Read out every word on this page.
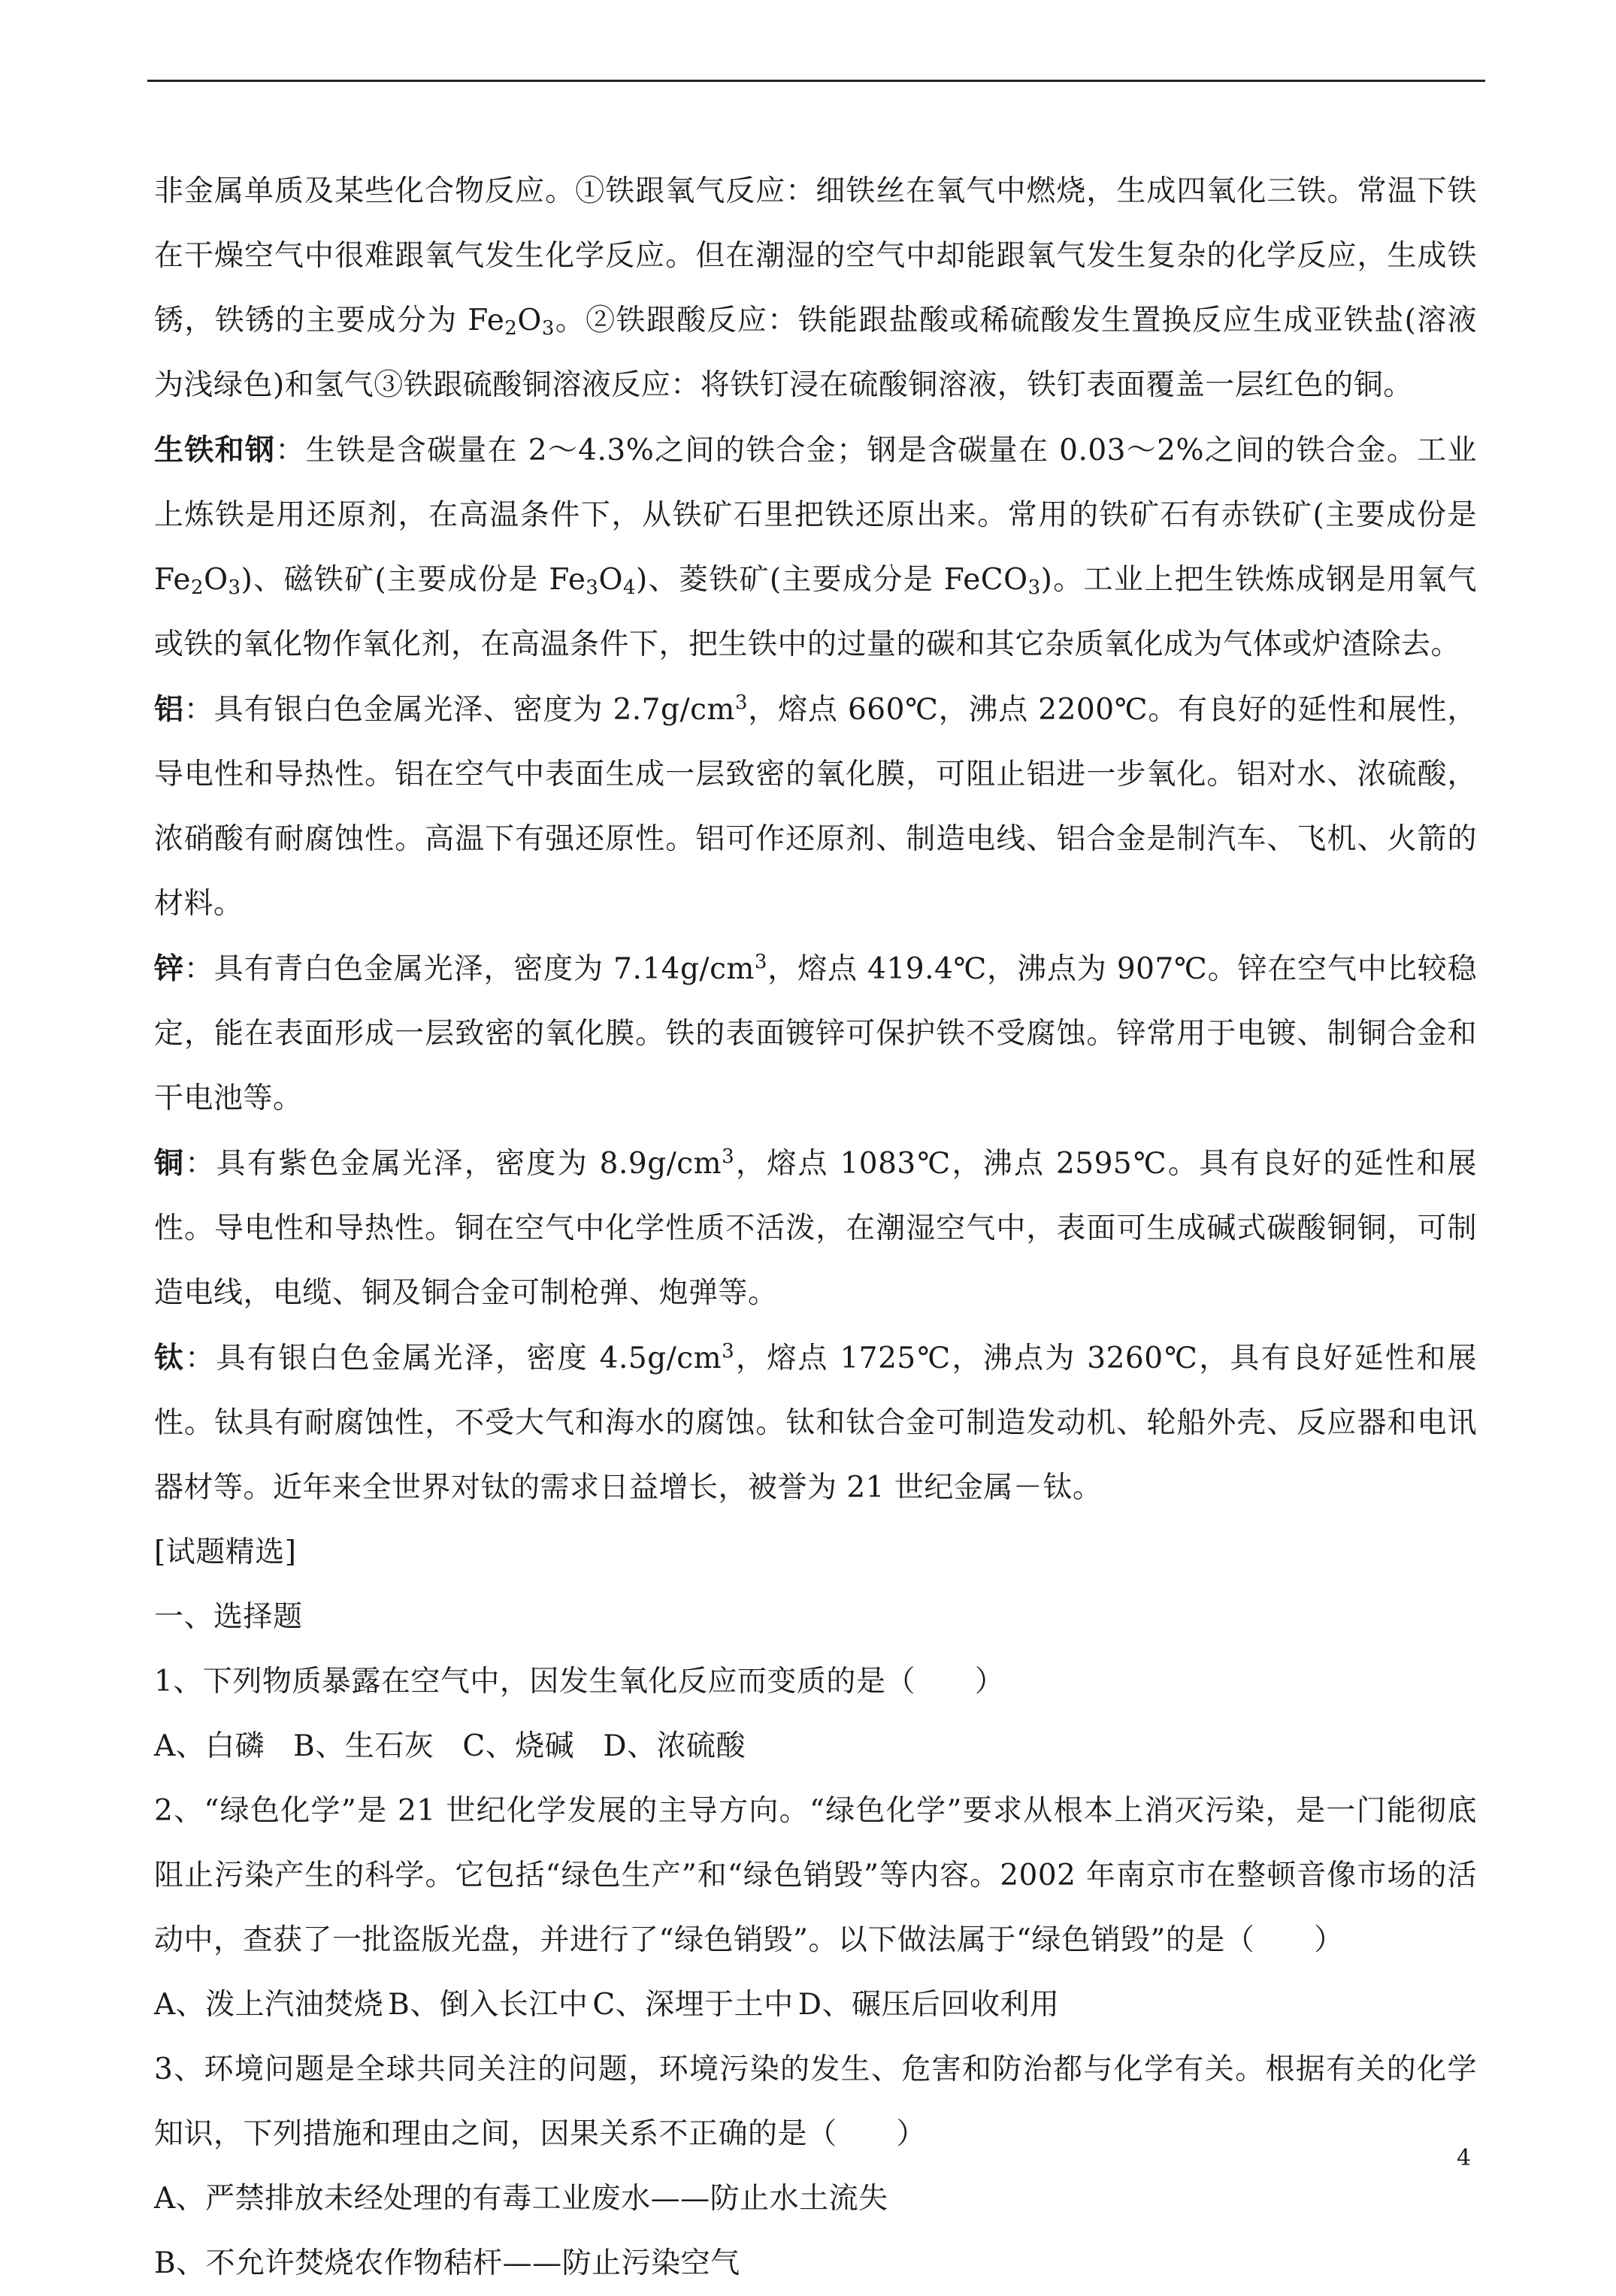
非金属单质及某些化合物反应。①铁跟氧气反应：细铁丝在氧气中燃烧，生成四氧化三铁。常温下铁在干燥空气中很难跟氧气发生化学反应。但在潮湿的空气中却能跟氧气发生复杂的化学反应，生成铁锈，铁锈的主要成分为 $Fe_2O_3$。②铁跟酸反应：铁能跟盐酸或稀硫酸发生置换反应生成亚铁盐(溶液为浅绿色)和氢气③铁跟硫酸铜溶液反应：将铁钉浸在硫酸铜溶液，铁钉表面覆盖一层红色的铜。

生铁和钢：生铁是含碳量在 2～4.3%之间的铁合金；钢是含碳量在 0.03～2%之间的铁合金。工业上炼铁是用还原剂，在高温条件下，从铁矿石里把铁还原出来。常用的铁矿石有赤铁矿(主要成份是 $Fe_2O_3$)、磁铁矿(主要成份是 $Fe_3O_4$)、菱铁矿(主要成分是 FeCO$_3$)。工业上把生铁炼成钢是用氧气或铁的氧化物作氧化剂，在高温条件下，把生铁中的过量的碳和其它杂质氧化成为气体或炉渣除去。

铝：具有银白色金属光泽、密度为 $2.7g/cm^3$，熔点 660℃，沸点 2200℃。有良好的延性和展性，导电性和导热性。铝在空气中表面生成一层致密的氧化膜，可阻止铝进一步氧化。铝对水、浓硫酸，浓硝酸有耐腐蚀性。高温下有强还原性。铝可作还原剂、制造电线、铝合金是制汽车、飞机、火箭的材料。

锌：具有青白色金属光泽，密度为 $7.14g/cm^3$，熔点 419.4℃，沸点为 907℃。锌在空气中比较稳定，能在表面形成一层致密的氧化膜。铁的表面镀锌可保护铁不受腐蚀。锌常用于电镀、制铜合金和干电池等。

铜：具有紫色金属光泽，密度为 $8.9g/cm^3$，熔点 1083℃，沸点 2595℃。具有良好的延性和展性。导电性和导热性。铜在空气中化学性质不活泼，在潮湿空气中，表面可生成碱式碳酸铜铜，可制造电线，电缆、铜及铜合金可制枪弹、炮弹等。

钛：具有银白色金属光泽，密度 $4.5g/cm^3$，熔点 1725℃，沸点为 3260℃，具有良好延性和展性。钛具有耐腐蚀性，不受大气和海水的腐蚀。钛和钛合金可制造发动机、轮船外壳、反应器和电讯器材等。近年来全世界对钛的需求日益增长，被誉为 21 世纪金属－钛。

[试题精选]

一、选择题

1、下列物质暴露在空气中，因发生氧化反应而变质的是（　　）

A、白磷 B、生石灰 C、烧碱 D、浓硫酸

2、“绿色化学”是 21 世纪化学发展的主导方向。“绿色化学”要求从根本上消灭污染，是一门能彻底阻止污染产生的科学。它包括“绿色生产”和“绿色销毁”等内容。2002 年南京市在整顿音像市场的活动中，查获了一批盗版光盘，并进行了“绿色销毁”。以下做法属于“绿色销毁”的是（　　）

A、泼上汽油焚烧 B、倒入长江中 C、深埋于土中 D、碾压后回收利用

3、环境问题是全球共同关注的问题，环境污染的发生、危害和防治都与化学有关。根据有关的化学知识，下列措施和理由之间，因果关系不正确的是（　　）

A、严禁排放未经处理的有毒工业废水——防止水土流失

B、不允许焚烧农作物秸杆——防止污染空气

4
